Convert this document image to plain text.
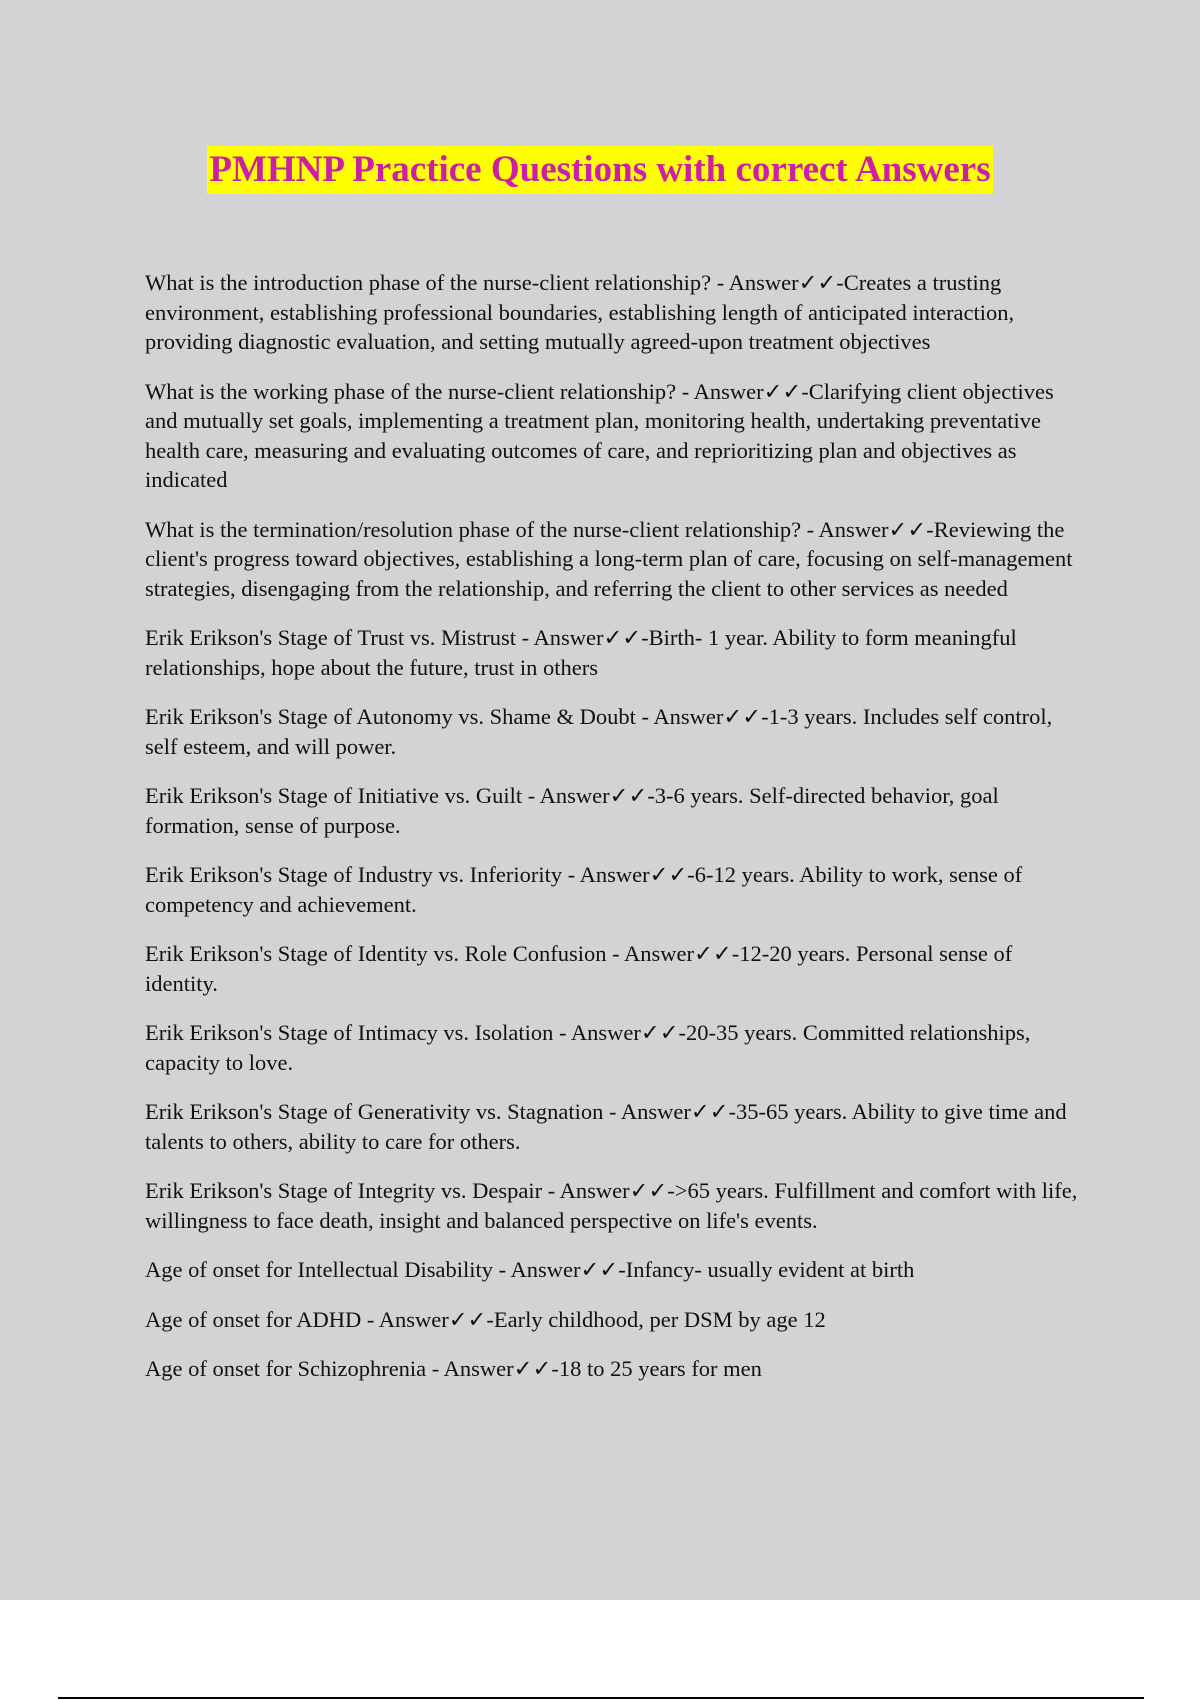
PMHNP Practice Questions with correct Answers
What is the introduction phase of the nurse-client relationship? - Answer✓✓-Creates a trusting environment, establishing professional boundaries, establishing length of anticipated interaction, providing diagnostic evaluation, and setting mutually agreed-upon treatment objectives
What is the working phase of the nurse-client relationship? - Answer✓✓-Clarifying client objectives and mutually set goals, implementing a treatment plan, monitoring health, undertaking preventative health care, measuring and evaluating outcomes of care, and reprioritizing plan and objectives as indicated
What is the termination/resolution phase of the nurse-client relationship? - Answer✓✓-Reviewing the client's progress toward objectives, establishing a long-term plan of care, focusing on self-management strategies, disengaging from the relationship, and referring the client to other services as needed
Erik Erikson's Stage of Trust vs. Mistrust - Answer✓✓-Birth- 1 year. Ability to form meaningful relationships, hope about the future, trust in others
Erik Erikson's Stage of Autonomy vs. Shame & Doubt - Answer✓✓-1-3 years. Includes self control, self esteem, and will power.
Erik Erikson's Stage of Initiative vs. Guilt - Answer✓✓-3-6 years. Self-directed behavior, goal formation, sense of purpose.
Erik Erikson's Stage of Industry vs. Inferiority - Answer✓✓-6-12 years. Ability to work, sense of competency and achievement.
Erik Erikson's Stage of Identity vs. Role Confusion - Answer✓✓-12-20 years. Personal sense of identity.
Erik Erikson's Stage of Intimacy vs. Isolation - Answer✓✓-20-35 years. Committed relationships, capacity to love.
Erik Erikson's Stage of Generativity vs. Stagnation - Answer✓✓-35-65 years. Ability to give time and talents to others, ability to care for others.
Erik Erikson's Stage of Integrity vs. Despair - Answer✓✓->65 years. Fulfillment and comfort with life, willingness to face death, insight and balanced perspective on life's events.
Age of onset for Intellectual Disability - Answer✓✓-Infancy- usually evident at birth
Age of onset for ADHD - Answer✓✓-Early childhood, per DSM by age 12
Age of onset for Schizophrenia - Answer✓✓-18 to 25 years for men
